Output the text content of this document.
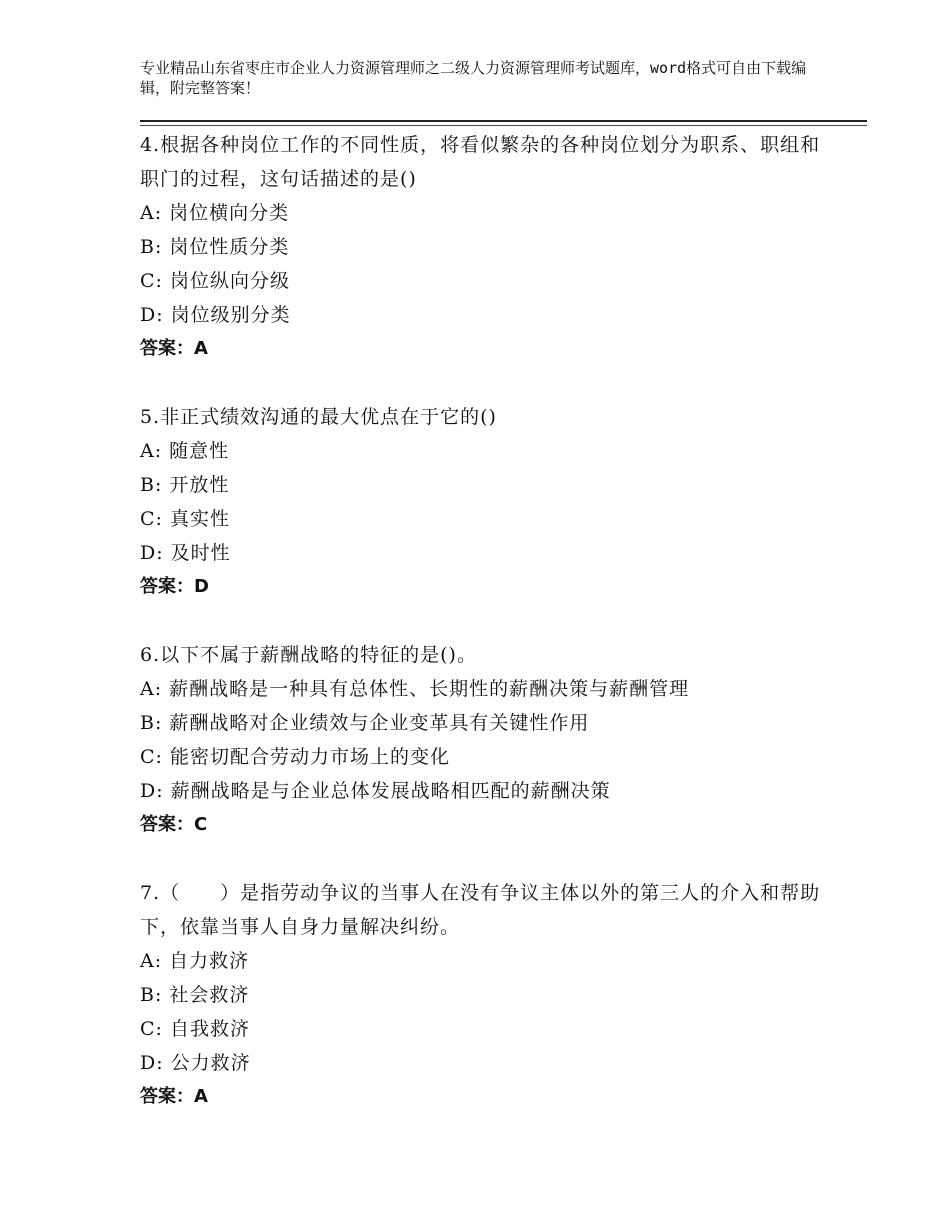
专业精品山东省枣庄市企业人力资源管理师之二级人力资源管理师考试题库，word格式可自由下载编辑，附完整答案！
4.根据各种岗位工作的不同性质，将看似繁杂的各种岗位划分为职系、职组和职门的过程，这句话描述的是()
A: 岗位横向分类
B: 岗位性质分类
C: 岗位纵向分级
D: 岗位级别分类
答案：A
5.非正式绩效沟通的最大优点在于它的()
A: 随意性
B: 开放性
C: 真实性
D: 及时性
答案：D
6.以下不属于薪酬战略的特征的是()。
A: 薪酬战略是一种具有总体性、长期性的薪酬决策与薪酬管理
B: 薪酬战略对企业绩效与企业变革具有关键性作用
C: 能密切配合劳动力市场上的变化
D: 薪酬战略是与企业总体发展战略相匹配的薪酬决策
答案：C
7.（　　）是指劳动争议的当事人在没有争议主体以外的第三人的介入和帮助下，依靠当事人自身力量解决纠纷。
A: 自力救济
B: 社会救济
C: 自我救济
D: 公力救济
答案：A
